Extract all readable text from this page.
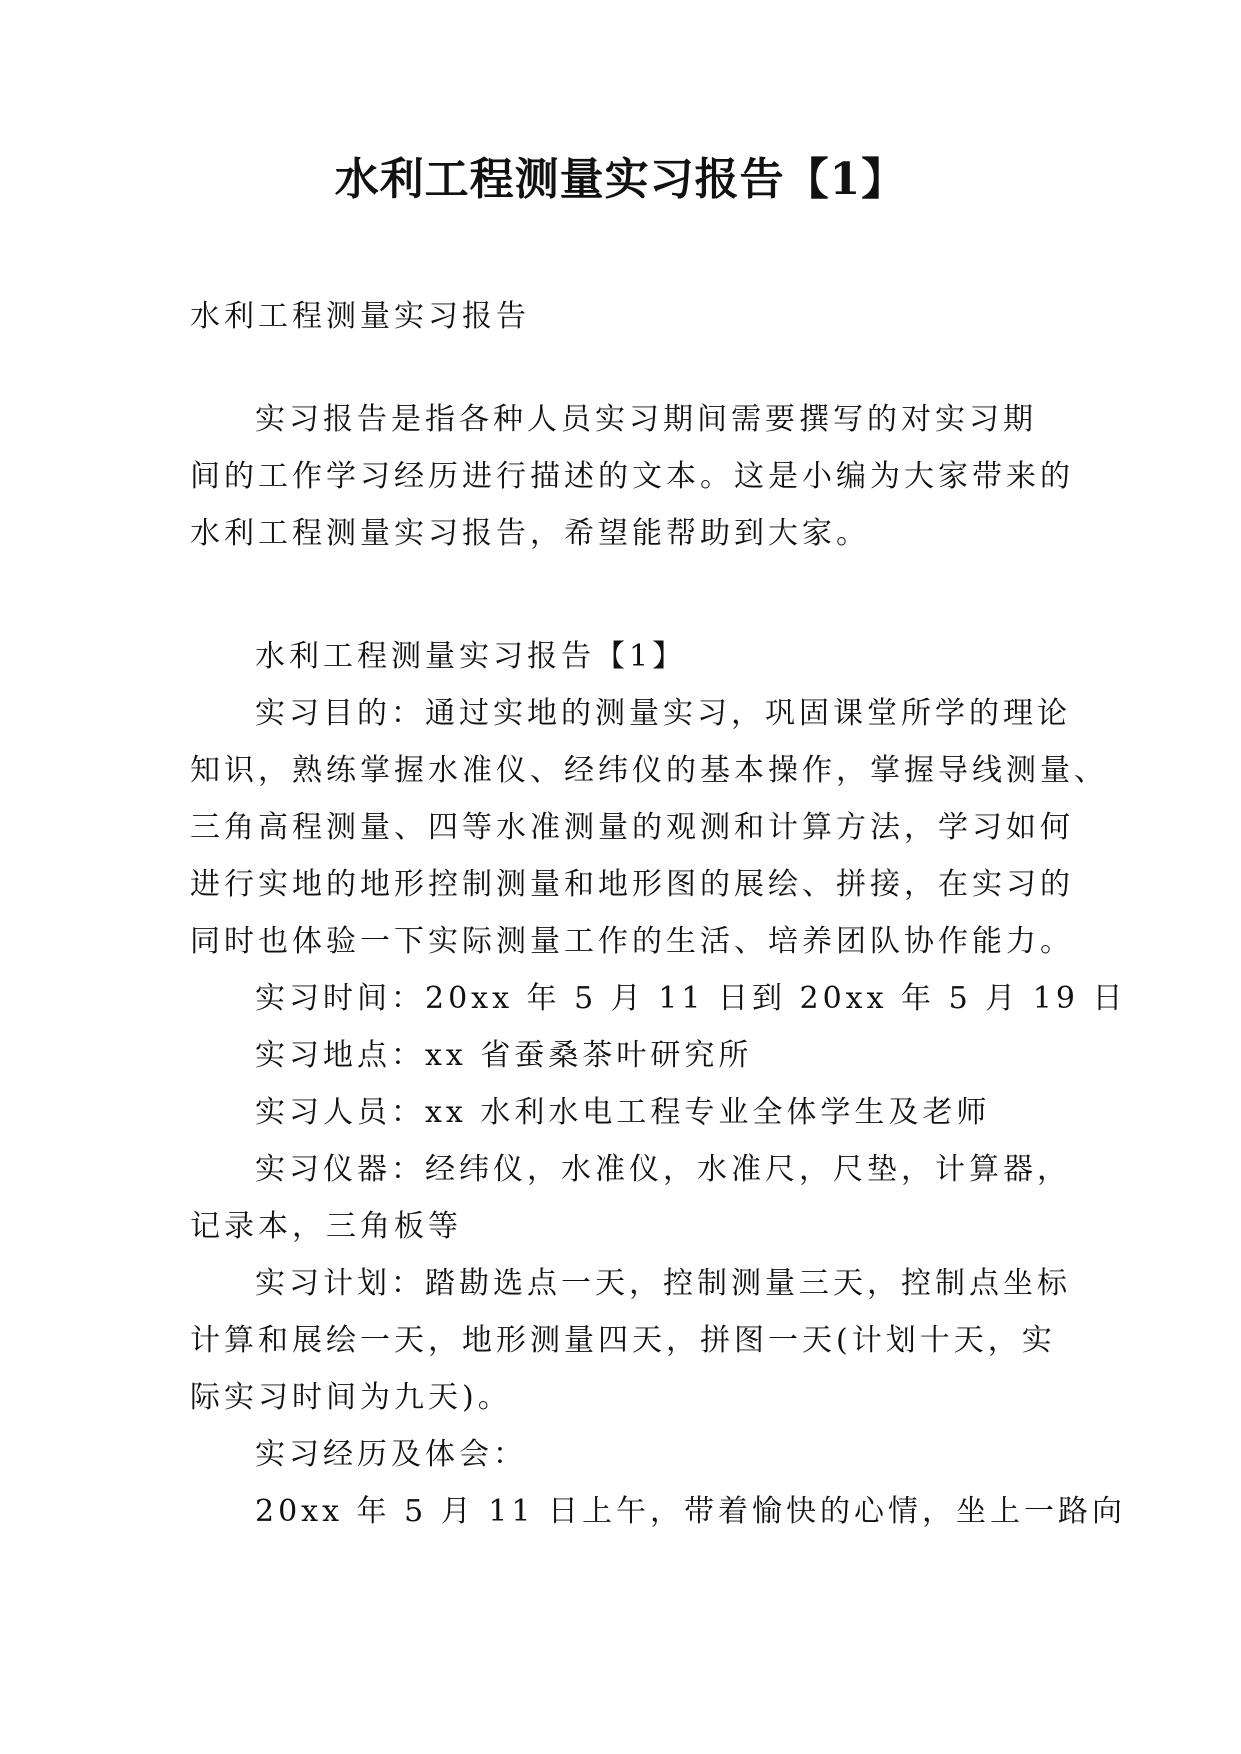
水利工程测量实习报告【1】
水利工程测量实习报告
实习报告是指各种人员实习期间需要撰写的对实习期
间的工作学习经历进行描述的文本。这是小编为大家带来的
水利工程测量实习报告，希望能帮助到大家。
水利工程测量实习报告【1】
实习目的：通过实地的测量实习，巩固课堂所学的理论
知识，熟练掌握水准仪、经纬仪的基本操作，掌握导线测量、
三角高程测量、四等水准测量的观测和计算方法，学习如何
进行实地的地形控制测量和地形图的展绘、拼接，在实习的
同时也体验一下实际测量工作的生活、培养团队协作能力。
实习时间：20xx 年 5 月 11 日到 20xx 年 5 月 19 日
实习地点：xx 省蚕桑茶叶研究所
实习人员：xx 水利水电工程专业全体学生及老师
实习仪器：经纬仪，水准仪，水准尺，尺垫，计算器，
记录本，三角板等
实习计划：踏勘选点一天，控制测量三天，控制点坐标
计算和展绘一天，地形测量四天，拼图一天(计划十天，实
际实习时间为九天)。
实习经历及体会：
20xx 年 5 月 11 日上午，带着愉快的心情，坐上一路向
